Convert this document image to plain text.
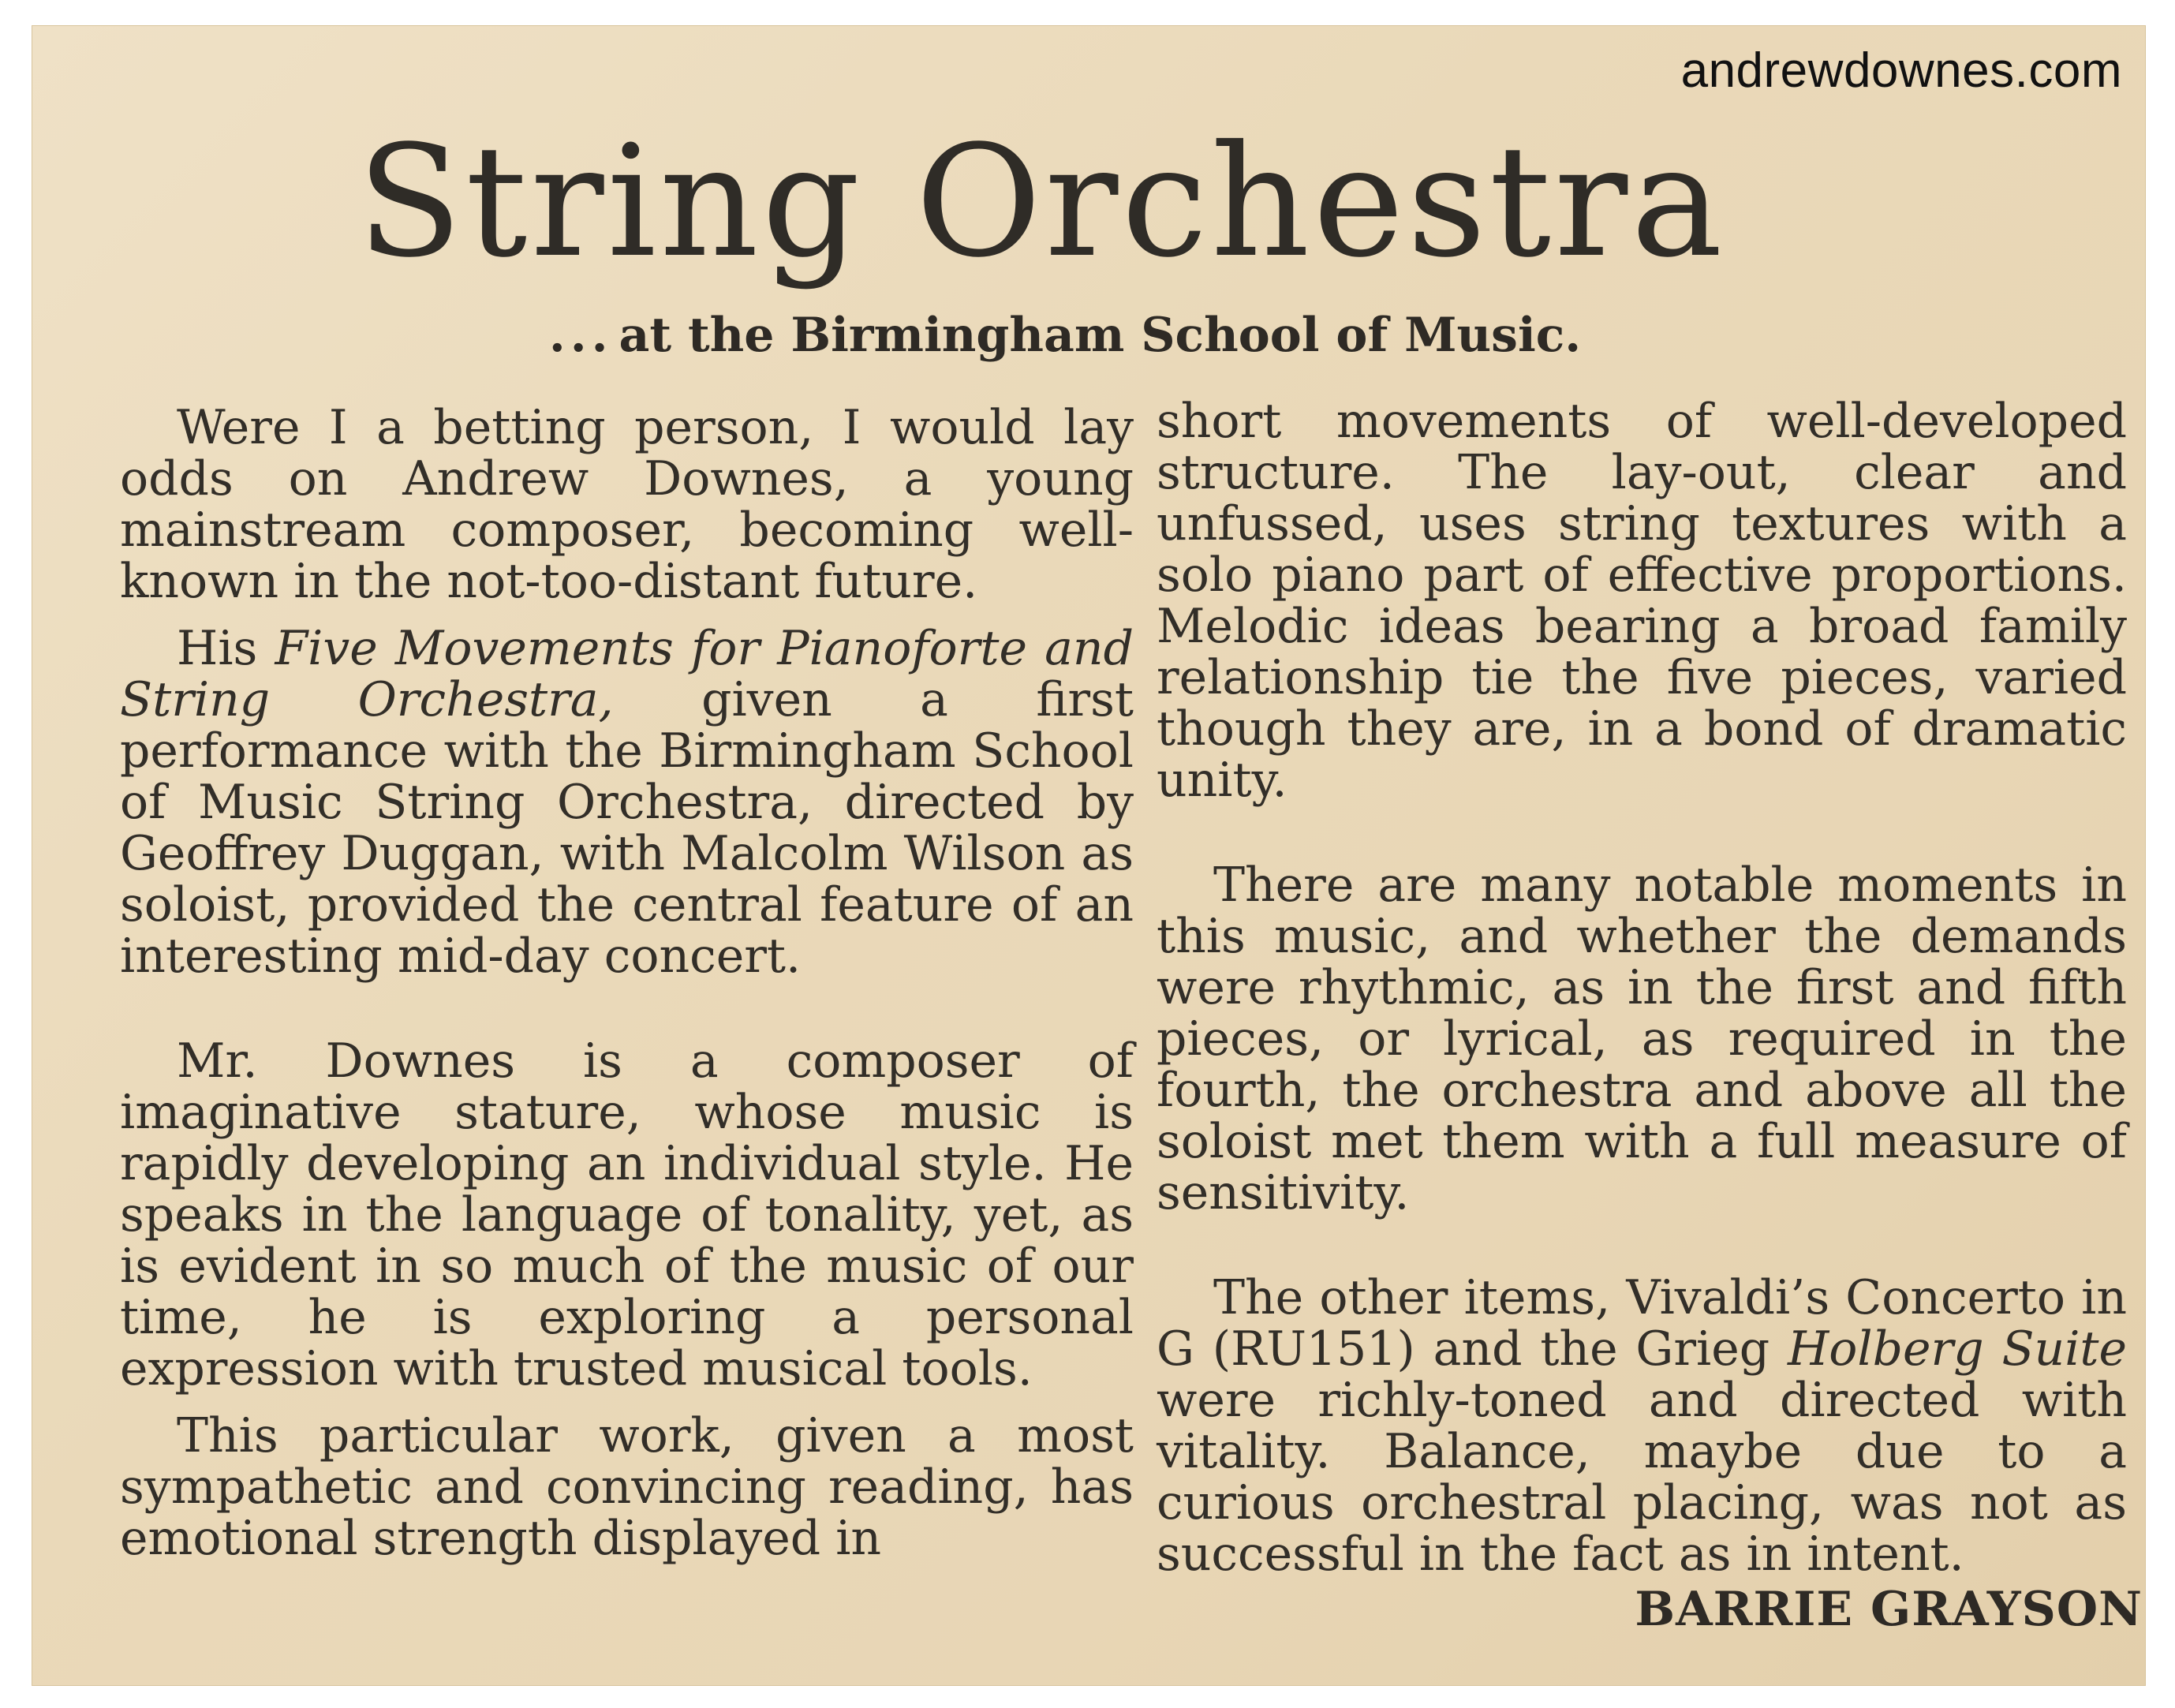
andrewdownes.com
String Orchestra
... at the Birmingham School of Music.

Were I a betting person, I would lay odds on Andrew Downes, a young mainstream composer, becoming well-known in the not-too-distant future.

His Five Movements for Pianoforte and String Orchestra, given a first performance with the Birmingham School of Music String Orchestra, directed by Geoffrey Duggan, with Malcolm Wilson as soloist, provided the central feature of an interesting mid-day concert.

Mr. Downes is a composer of imaginative stature, whose music is rapidly developing an individual style. He speaks in the language of tonality, yet, as is evident in so much of the music of our time, he is exploring a personal expression with trusted musical tools.

This particular work, given a most sympathetic and convincing reading, has emotional strength displayed in

short movements of well-developed structure. The lay-out, clear and unfussed, uses string textures with a solo piano part of effective proportions. Melodic ideas bearing a broad family relationship tie the five pieces, varied though they are, in a bond of dramatic unity.

There are many notable moments in this music, and whether the demands were rhythmic, as in the first and fifth pieces, or lyrical, as required in the fourth, the orchestra and above all the soloist met them with a full measure of sensitivity.

The other items, Vivaldi’s Concerto in G (RU151) and the Grieg Holberg Suite were richly-toned and directed with vitality. Balance, maybe due to a curious orchestral placing, was not as successful in the fact as in intent.

BARRIE GRAYSON
